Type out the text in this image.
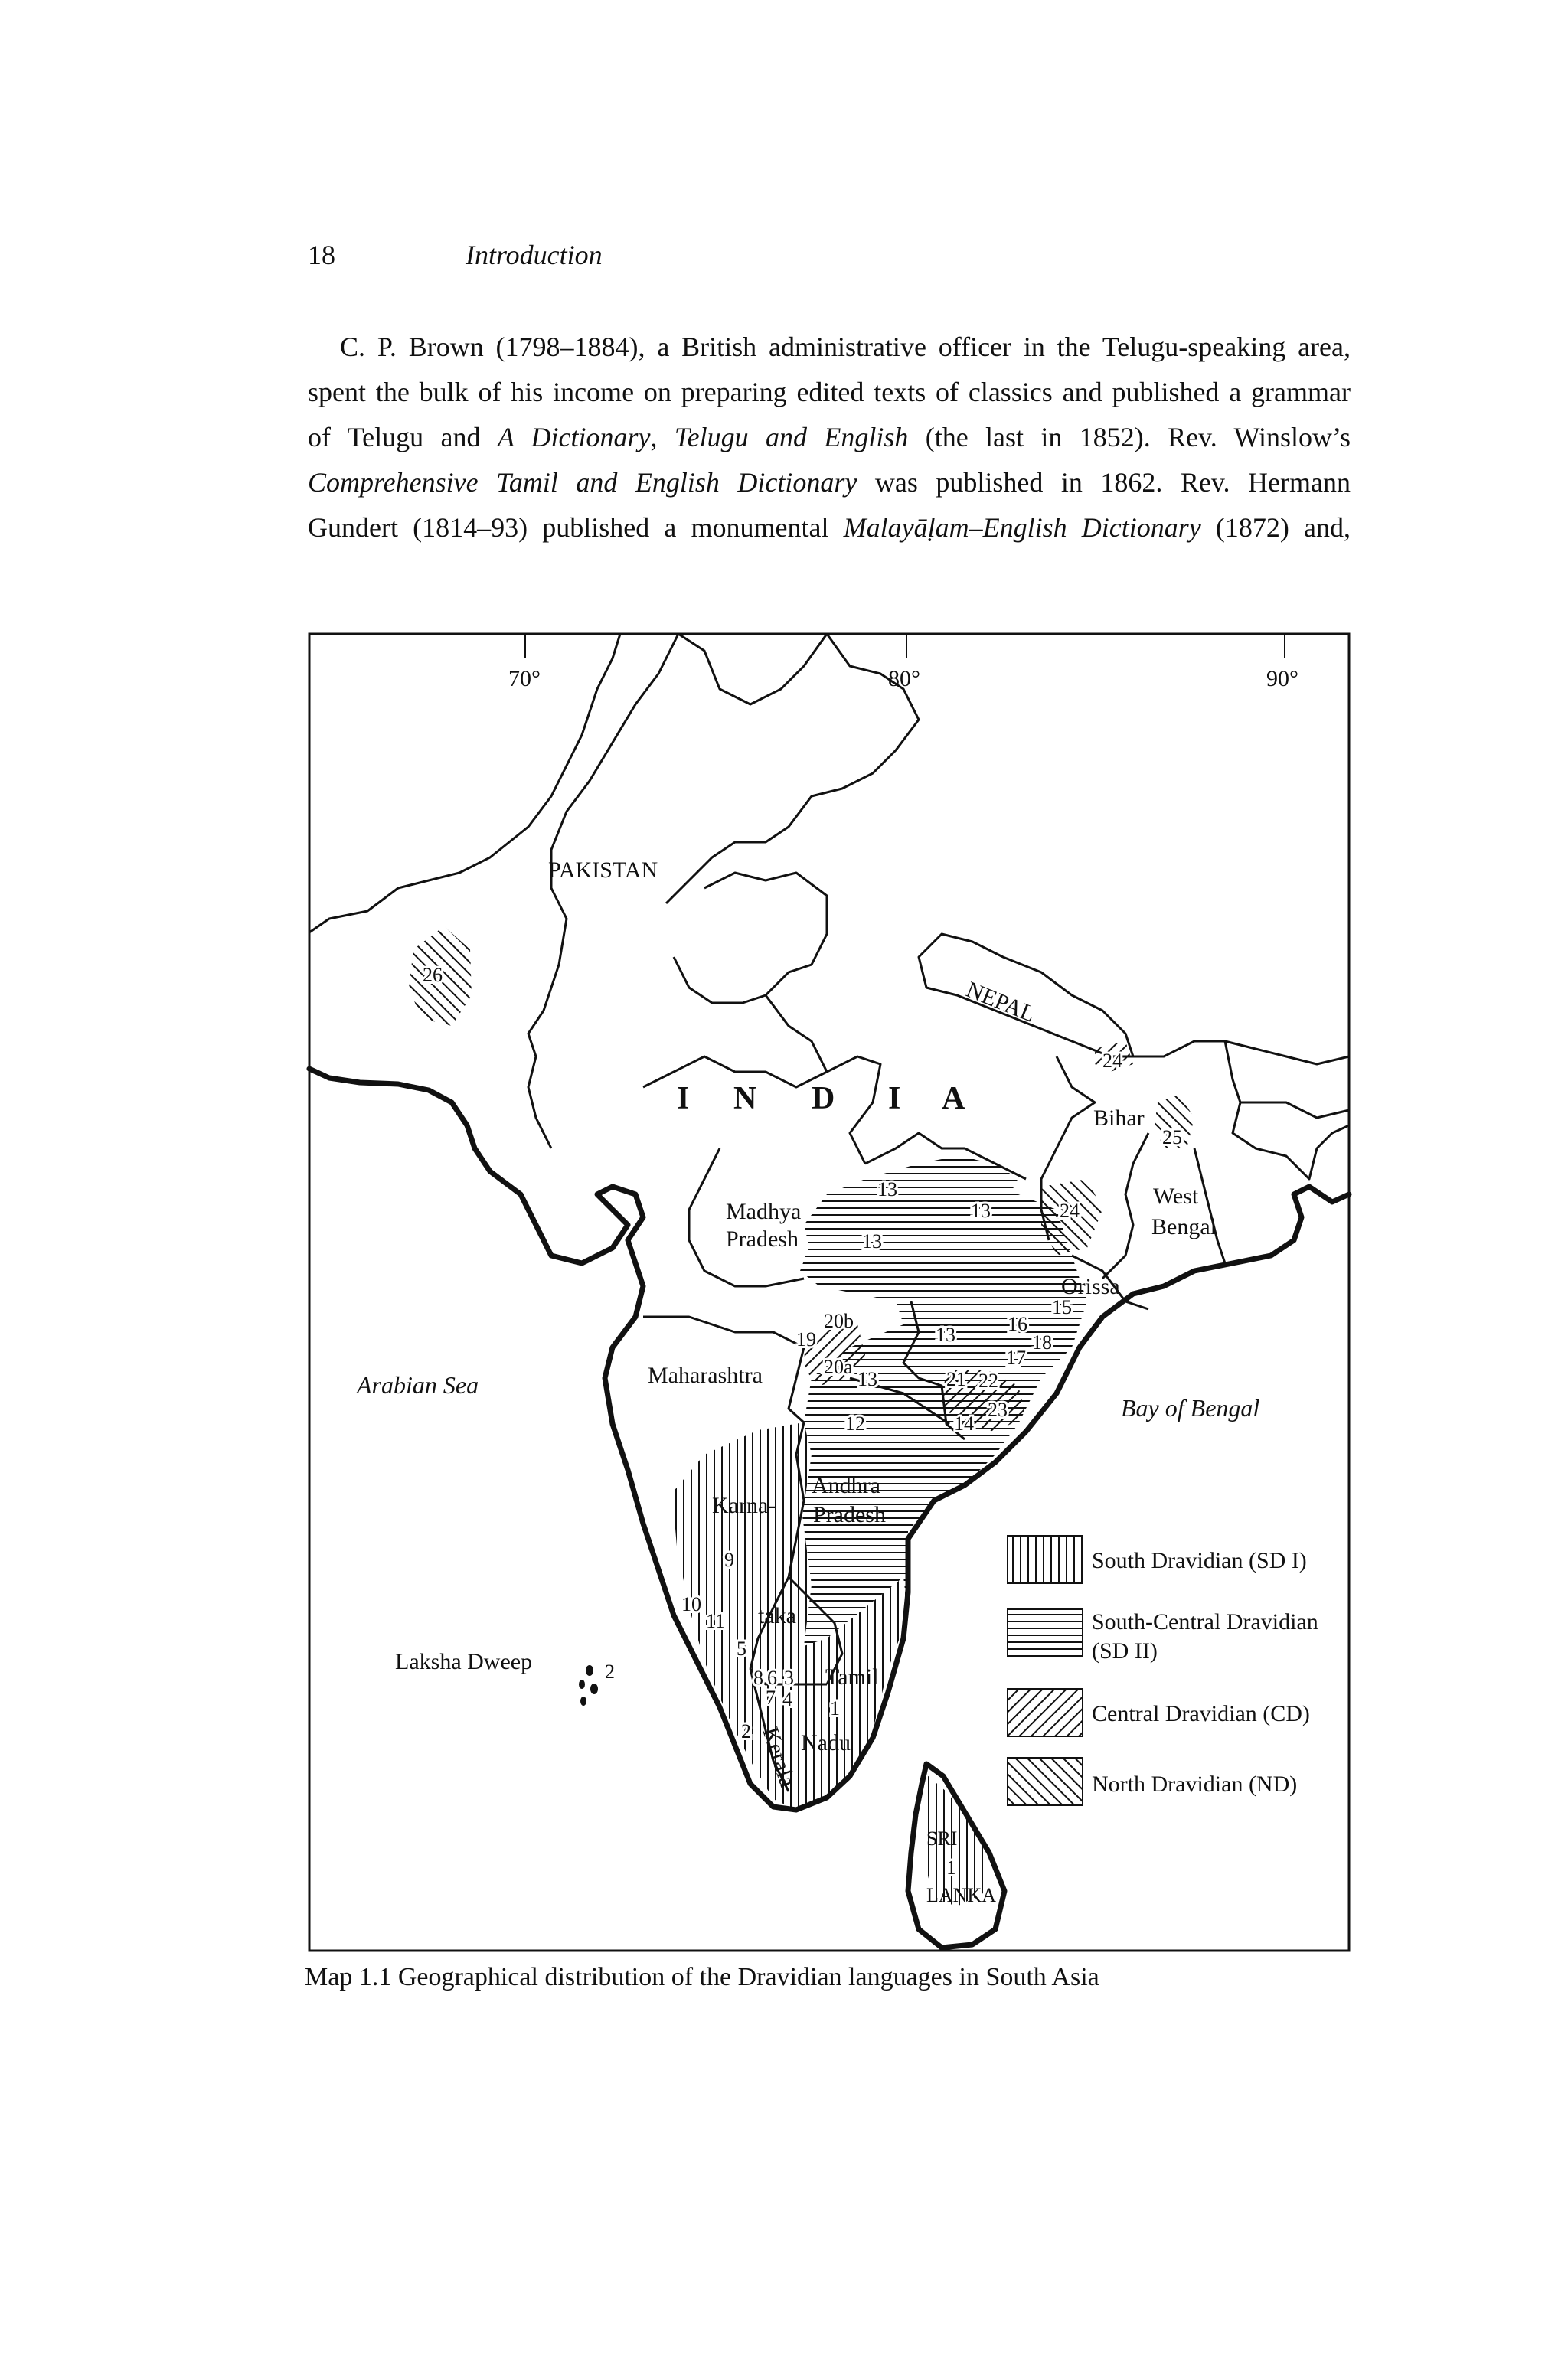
18	Introduction
C. P. Brown (1798–1884), a British administrative officer in the Telugu-speaking area,
spent the bulk of his income on preparing edited texts of classics and published a grammar
of Telugu and A Dictionary, Telugu and English (the last in 1852). Rev. Winslow’s
Comprehensive Tamil and English Dictionary was published in 1862. Rev. Hermann
Gundert (1814–93) published a monumental Malayāḷam–English Dictionary (1872) and,
70°	80°	90°
PAKISTAN
NEPAL
I N D I A
Madhya
Pradesh
Maharashtra
Karna-
taka
Andhra
Pradesh
Tamil
Nadu
Kerala
Bihar
West
Bengal
Orissa
SRI
LANKA
Arabian Sea
Bay of Bengal
Laksha Dweep
26
24
25
24
13
13
13
13
13
15
16
18
17
19
20b
20a
21 22
23
14
12
9
10
11
5
8 6 3
7 4 1
2
2
1
South Dravidian (SD I)
South-Central Dravidian
(SD II)
Central Dravidian (CD)
North Dravidian (ND)
Map 1.1 Geographical distribution of the Dravidian languages in South Asia
